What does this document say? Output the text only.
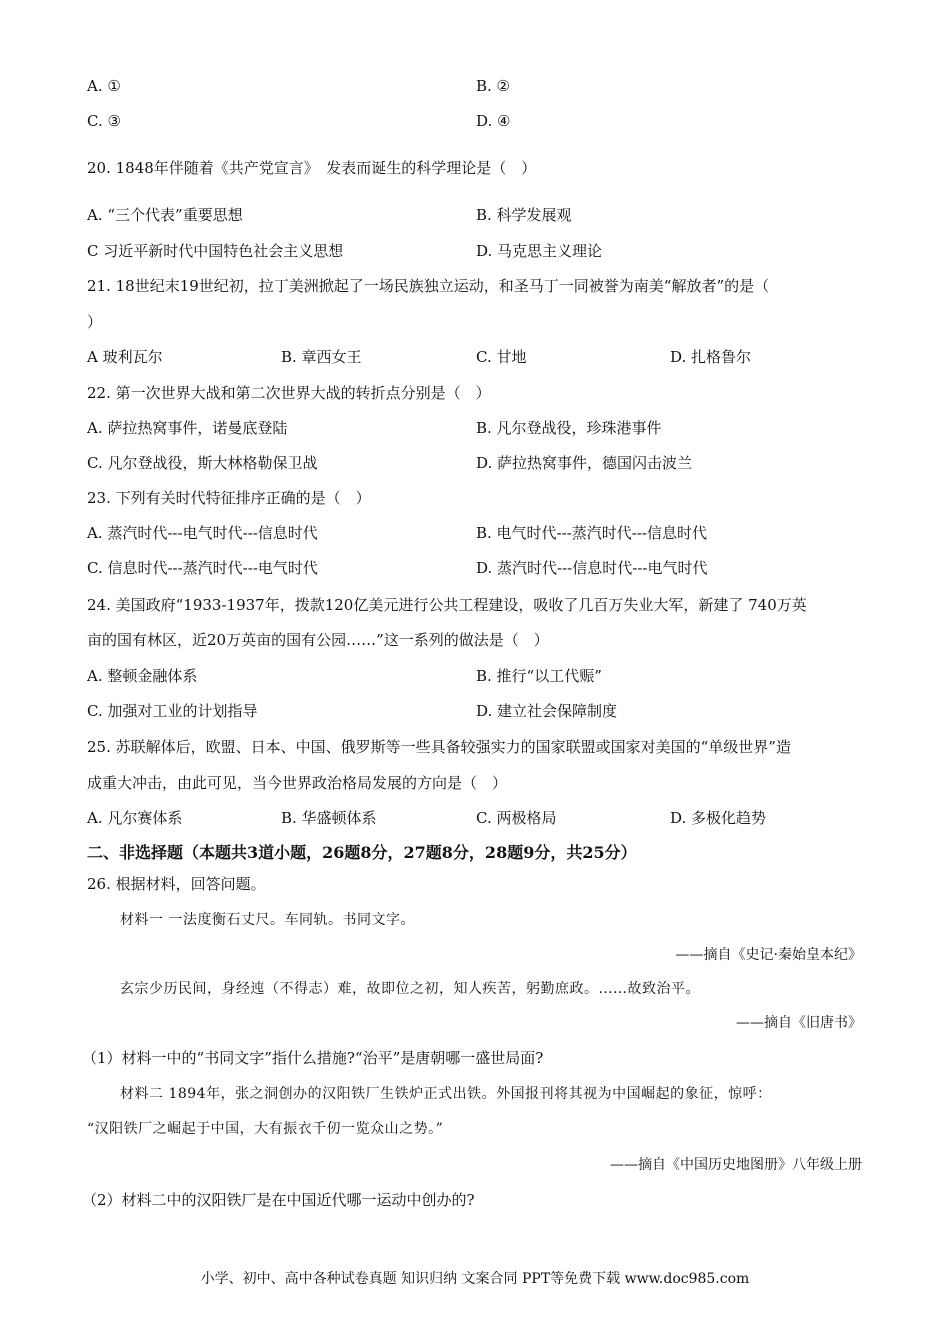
A. ①	B. ②
C. ③	D. ④
20. 1848年伴随着《共产党宣言》　发表而诞生的科学理论是（　）
A. “三个代表”重要思想	B. 科学发展观
C 习近平新时代中国特色社会主义思想	D. 马克思主义理论
21. 18世纪末19世纪初，拉丁美洲掀起了一场民族独立运动，和圣马丁一同被誉为南美“解放者”的是（
）
A 玻利瓦尔	B. 章西女王	C. 甘地	D. 扎格鲁尔
22. 第一次世界大战和第二次世界大战的转折点分别是（　）
A. 萨拉热窝事件，诺曼底登陆	B. 凡尔登战役，珍珠港事件
C. 凡尔登战役，斯大林格勒保卫战	D. 萨拉热窝事件，德国闪击波兰
23. 下列有关时代特征排序正确的是（　）
A. 蒸汽时代---电气时代---信息时代	B. 电气时代---蒸汽时代---信息时代
C. 信息时代---蒸汽时代---电气时代	D. 蒸汽时代---信息时代---电气时代
24. 美国政府“1933-1937年，拨款120亿美元进行公共工程建设，吸收了几百万失业大军，新建了 740万英
亩的国有林区，近20万英亩的国有公园……”这一系列的做法是（　）
A. 整顿金融体系	B. 推行“以工代赈”
C. 加强对工业的计划指导	D. 建立社会保障制度
25. 苏联解体后，欧盟、日本、中国、俄罗斯等一些具备较强实力的国家联盟或国家对美国的“单级世界”造
成重大冲击，由此可见，当今世界政治格局发展的方向是（　）
A. 凡尔赛体系	B. 华盛顿体系	C. 两极格局	D. 多极化趋势
二、非选择题（本题共3道小题，26题8分，27题8分，28题9分，共25分）
26. 根据材料，回答问题。
材料一 一法度衡石丈尺。车同轨。书同文字。
——摘自《史记·秦始皇本纪》
玄宗少历民间，身经迍（不得志）难，故即位之初，知人疾苦，躬勤庶政。……故致治平。
——摘自《旧唐书》
（1）材料一中的“书同文字”指什么措施?“治平”是唐朝哪一盛世局面?
材料二 1894年，张之洞创办的汉阳铁厂生铁炉正式出铁。外国报刊将其视为中国崛起的象征，惊呼：
“汉阳铁厂之崛起于中国，大有振衣千仞一览众山之势。”
——摘自《中国历史地图册》八年级上册
（2）材料二中的汉阳铁厂是在中国近代哪一运动中创办的?
小学、初中、高中各种试卷真题 知识归纳 文案合同 PPT等免费下载 www.doc985.com
